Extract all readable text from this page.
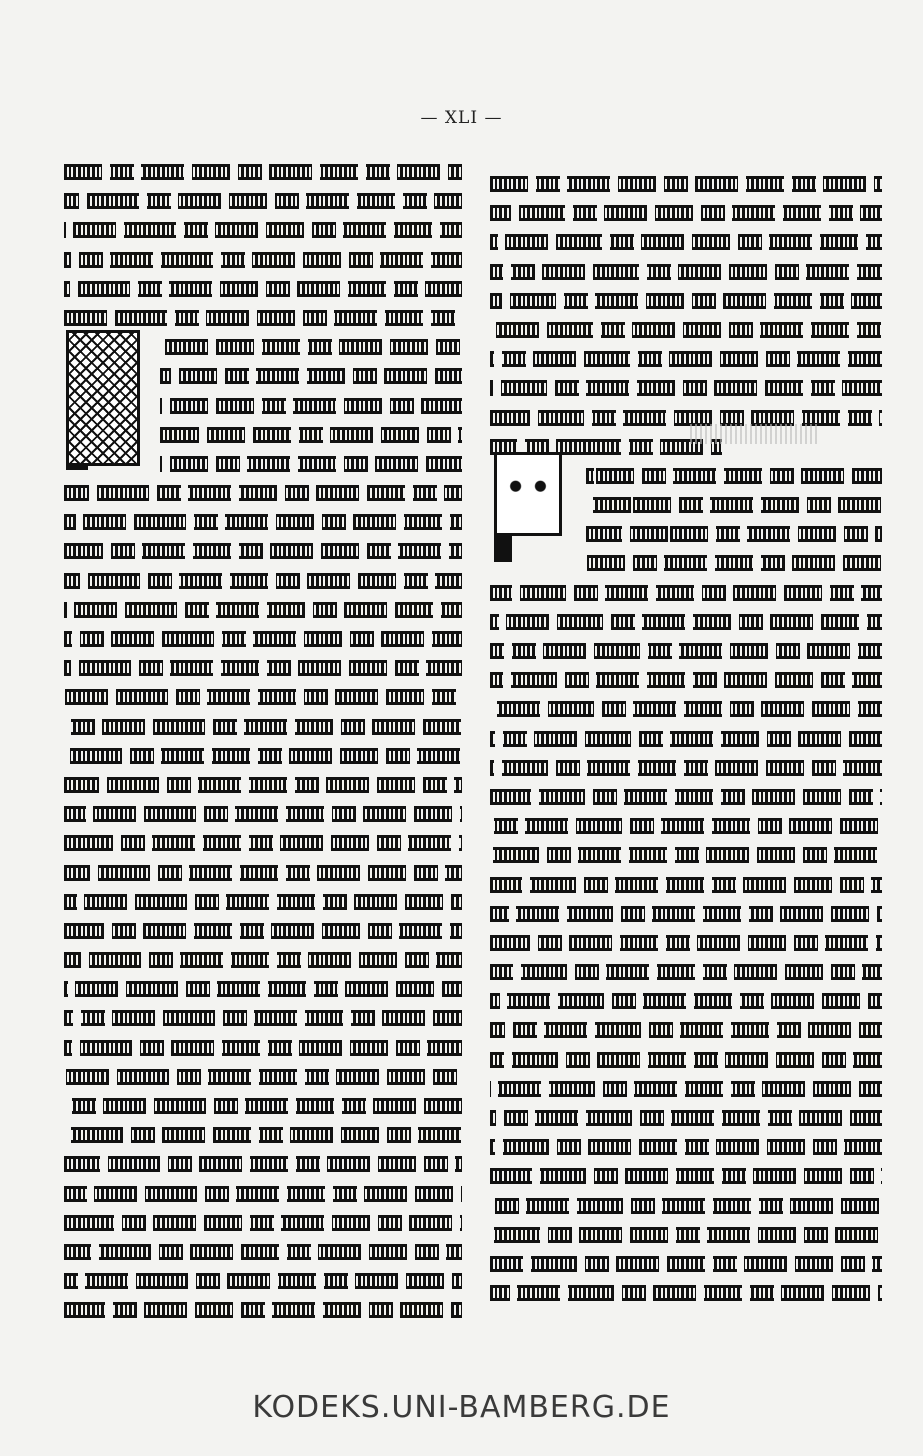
— XLI —
KODEKS.UNI-BAMBERG.DE
